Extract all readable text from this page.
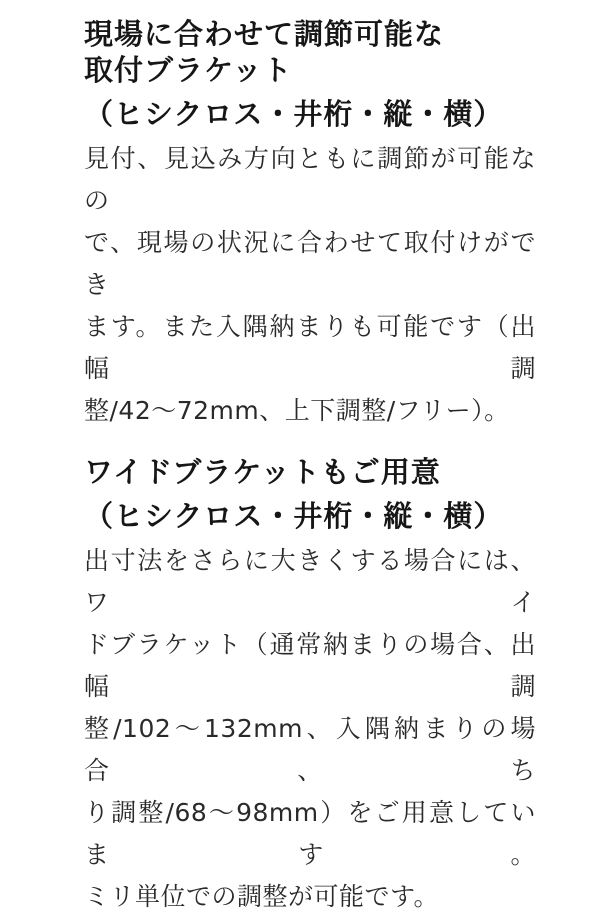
現場に合わせて調節可能な
取付ブラケット
（ヒシクロス・井桁・縦・横）

見付、見込み方向ともに調節が可能なの
で、現場の状況に合わせて取付けができ
ます。また入隅納まりも可能です（出幅調
整/42～72mm、上下調整/フリー）。

ワイドブラケットもご用意
（ヒシクロス・井桁・縦・横）

出寸法をさらに大きくする場合には、ワイ
ドブラケット（通常納まりの場合、出幅調
整/102～132mm、入隅納まりの場合、ち
り調整/68～98mm）をご用意しています。
ミリ単位での調整が可能です。
